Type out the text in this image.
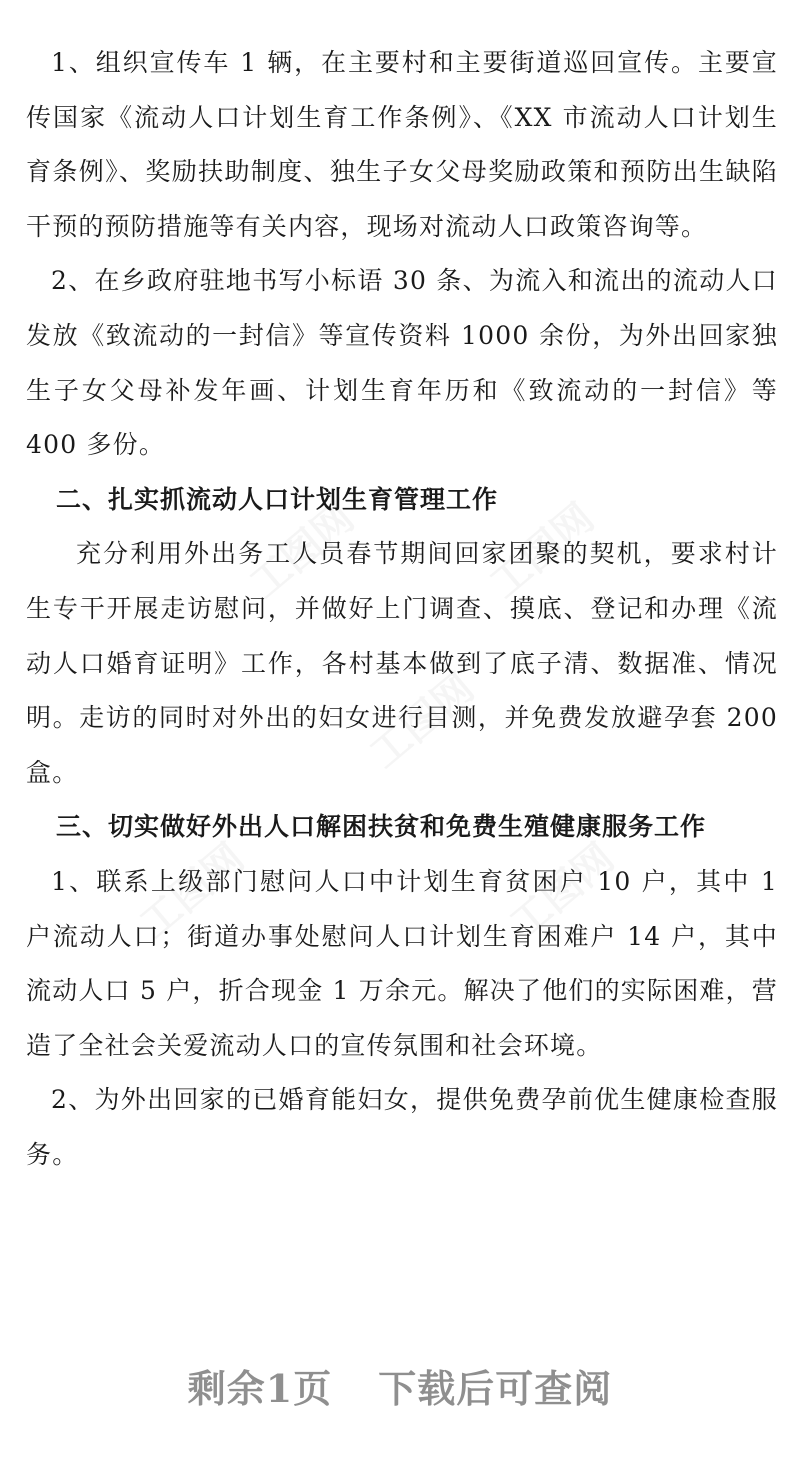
工图网	工图网
工图网
工图网	工图网

1、组织宣传车 1 辆，在主要村和主要街道巡回宣传。主要宣传国家《流动人口计划生育工作条例》、《XX 市流动人口计划生育条例》、奖励扶助制度、独生子女父母奖励政策和预防出生缺陷干预的预防措施等有关内容，现场对流动人口政策咨询等。

2、在乡政府驻地书写小标语 30 条、为流入和流出的流动人口发放《致流动的一封信》等宣传资料 1000 余份，为外出回家独生子女父母补发年画、计划生育年历和《致流动的一封信》等 400 多份。

二、扎实抓流动人口计划生育管理工作

充分利用外出务工人员春节期间回家团聚的契机，要求村计生专干开展走访慰问，并做好上门调查、摸底、登记和办理《流动人口婚育证明》工作，各村基本做到了底子清、数据准、情况明。走访的同时对外出的妇女进行目测，并免费发放避孕套 200 盒。

三、切实做好外出人口解困扶贫和免费生殖健康服务工作

1、联系上级部门慰问人口中计划生育贫困户 10 户，其中 1 户流动人口；街道办事处慰问人口计划生育困难户 14 户，其中流动人口 5 户，折合现金 1 万余元。解决了他们的实际困难，营造了全社会关爱流动人口的宣传氛围和社会环境。

2、为外出回家的已婚育能妇女，提供免费孕前优生健康检查服务。

剩余1页 下载后可查阅
